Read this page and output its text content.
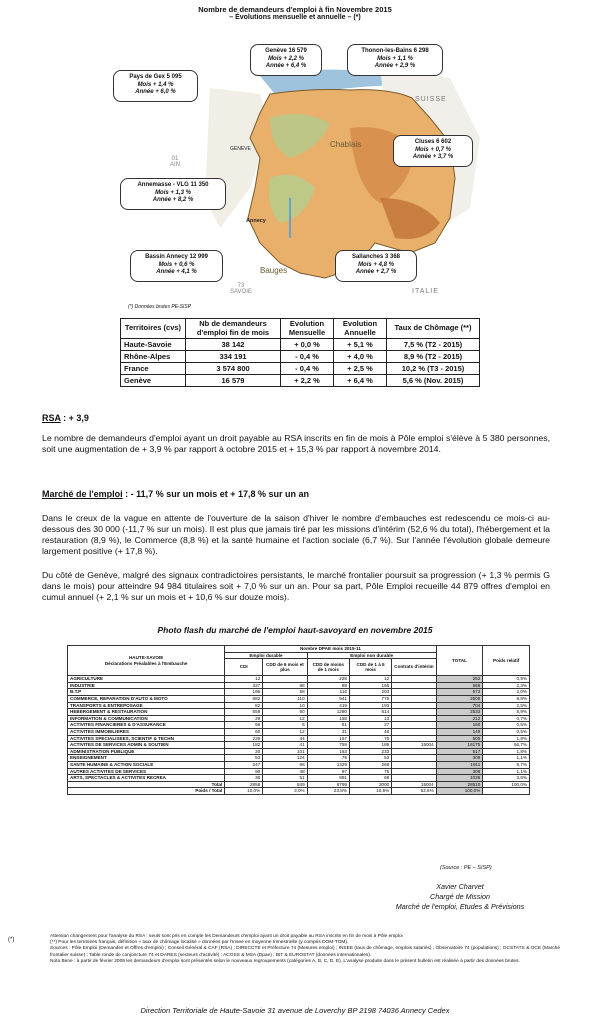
Nombre de demandeurs d'emploi à fin Novembre 2015
– Évolutions mensuelle et annuelle – (*)
SUISSE
ITALIE
01
AIN
73
SAVOIE
GENEVE
Annecy
Bauges
Chablais
Pays de Gex 5 095
Mois + 1,4 %
Année + 6,0 %
Genève 16 579
Mois + 2,2 %
Année + 6,4 %
Thonon-les-Bains 6 298
Mois + 1,1 %
Année + 2,9 %
Cluses 6 602
Mois + 0,7 %
Année + 3,7 %
Annemasse - VLG 11 350
Mois + 1,3 %
Année + 8,2 %
Bassin Annecy 12 999
Mois + 0,6 %
Année + 4,1 %
Sallanches 3 368
Mois + 4,8 %
Année + 2,7 %
(*) Données brutes PE-SISP
Territoires (cvs)	Nb de demandeurs d'emploi fin de mois	Evolution Mensuelle	Evolution Annuelle	Taux de Chômage (**)
Haute-Savoie	38 142	+ 0,0 %	+ 5,1 %	7,5 % (T2 - 2015)
Rhône-Alpes	334 191	- 0,4 %	+ 4,0 %	8,9 % (T2 - 2015)
France	3 574 800	- 0,4 %	+ 2,5 %	10,2 % (T3 - 2015)
Genève	16 579	+ 2,2 %	+ 6,4 %	5,6 % (Nov. 2015)
RSA : + 3,9
Le nombre de demandeurs d'emploi ayant un droit payable au RSA inscrits en fin de mois à Pôle emploi s'élève à 5 380 personnes, soit une augmentation de + 3,9 % par rapport à octobre 2015 et + 15,3 % par rapport à novembre 2014.
Marché de l'emploi : - 11,7 % sur un mois et + 17,8 % sur un an
Dans le creux de la vague en attente de l'ouverture de la saison d'hiver le nombre d'embauches est redescendu ce mois-ci au-dessous des 30 000 (-11,7 % sur un mois). Il est plus que jamais tiré par les missions d'intérim (52,6 % du total), l'hébergement et la restauration (8,9 %), le Commerce (8,8 %) et la santé humaine et l'action sociale (6,7 %). Sur l'année l'évolution globale demeure largement positive (+ 17,8 %).
Du côté de Genève, malgré des signaux contradictoires persistants, le marché frontalier poursuit sa progression (+ 1,3 % permis G dans le mois) pour atteindre 94 984 titulaires soit + 7,0 % sur un an. Pour sa part, Pôle Emploi recueille 44 879 offres d'emploi en cumul annuel (+ 2,1 % sur un mois et + 10,6 % sur douze mois).
Photo flash du marché de l'emploi haut-savoyard en novembre 2015
HAUTE-SAVOIE
Déclarations Préalables à l'Embauche	Nombre DPAE mois 2015-11					TOTAL	Poids relatif
	Emploi durable		Emploi non durable				
	CDI	CDD de 6 mois et plus	CDD de moins de 1 mois	CDD de 1 à 5 mois	Contrats d'intérim		
AGRICULTURE	12		228	12		252	0,9%
INDUSTRIE	327	88	88	165		668	2,3%
B.T.P	196	58	116	203		573	2,0%
COMMERCE, REPARATION D'AUTO & MOTO	682	110	941	775		2508	8,8%
TRANSPORTS & ENTREPOSAGE	82	10	419	193		704	2,5%
HEBERGEMENT & RESTAURATION	559	80	1280	614		2533	8,9%
INFORMATION & COMMUNICATION	29	12	158	13		212	0,7%
ACTIVITES FINANCIERES & D'ASSURANCE	56	6	61	27		150	0,5%
ACTIVITES IMMOBILIERES	60	12	31	46		149	0,5%
ACTIVITES SPECIALISEES, SCIENTIF & TECHN	229	44	157	75		505	1,8%
ACTIVITES DE SERVICES ADMIN & SOUTIEN	182	41	759	189	15004	16175	56,7%
ADMINISTRATION PUBLIQUE	20	101	163	233		517	1,8%
ENSEIGNEMENT	53	124	79	53		309	1,1%
SANTE HUMAINE & ACTION SOCIALE	247	66	1329	269		1911	6,7%
AUTRES ACTIVITES DE SERVICES	90	48	97	75		308	1,1%
ARTS, SPECTACLES & ACTIVITES RECREA	36	51	891	68		1036	3,6%
Total	2858	849	6799	3000	15004	28510	100,0%
Poids / Total	10,0%	3,0%	23,8%	10,5%	52,6%	100,0%	
(Source : PE – SISP)
Xavier Charvet
Chargé de Mission
Marché de l'emploi, Etudes & Prévisions
(*)
Attention changement pour l'analyse du RSA : seuls sont pris en compte les Demandeurs d'emploi ayant un droit payable au RSA inscrits en fin de mois à Pôle emploi
(**) Pour les territoires français, définition « taux de chômage localisé » données par l'Insee en moyenne trimestrielle (y compris DOM-TOM).
Sources : Pôle Emploi (Demandes et Offres d'emploi) ; Conseil Général & CAF (RSA) ; DIRECCTE et Préfecture 74 (Mesures emploi) ; INSEE (taux de chômage, emplois salariés) ; Observatoire 74 (populations) ; OCSTATS & OCE (Marché frontalier suisse) ; Table ronde de conjoncture 74 et DARES (secteurs d'activité) ; ACOSS & MSA (Dpae) ; BIT & EUROSTAT (données internationales).
Nota Bene : à partir de février 2009 les demandeurs d'emploi sont présentés selon le nouveaux regroupements (catégories A, B, C, D, E). L'analyse produite dans le présent bulletin est réalisée à partir des données brutes.
Direction Territoriale de Haute-Savoie 31 avenue de Loverchy BP 2198 74036 Annecy Cedex
